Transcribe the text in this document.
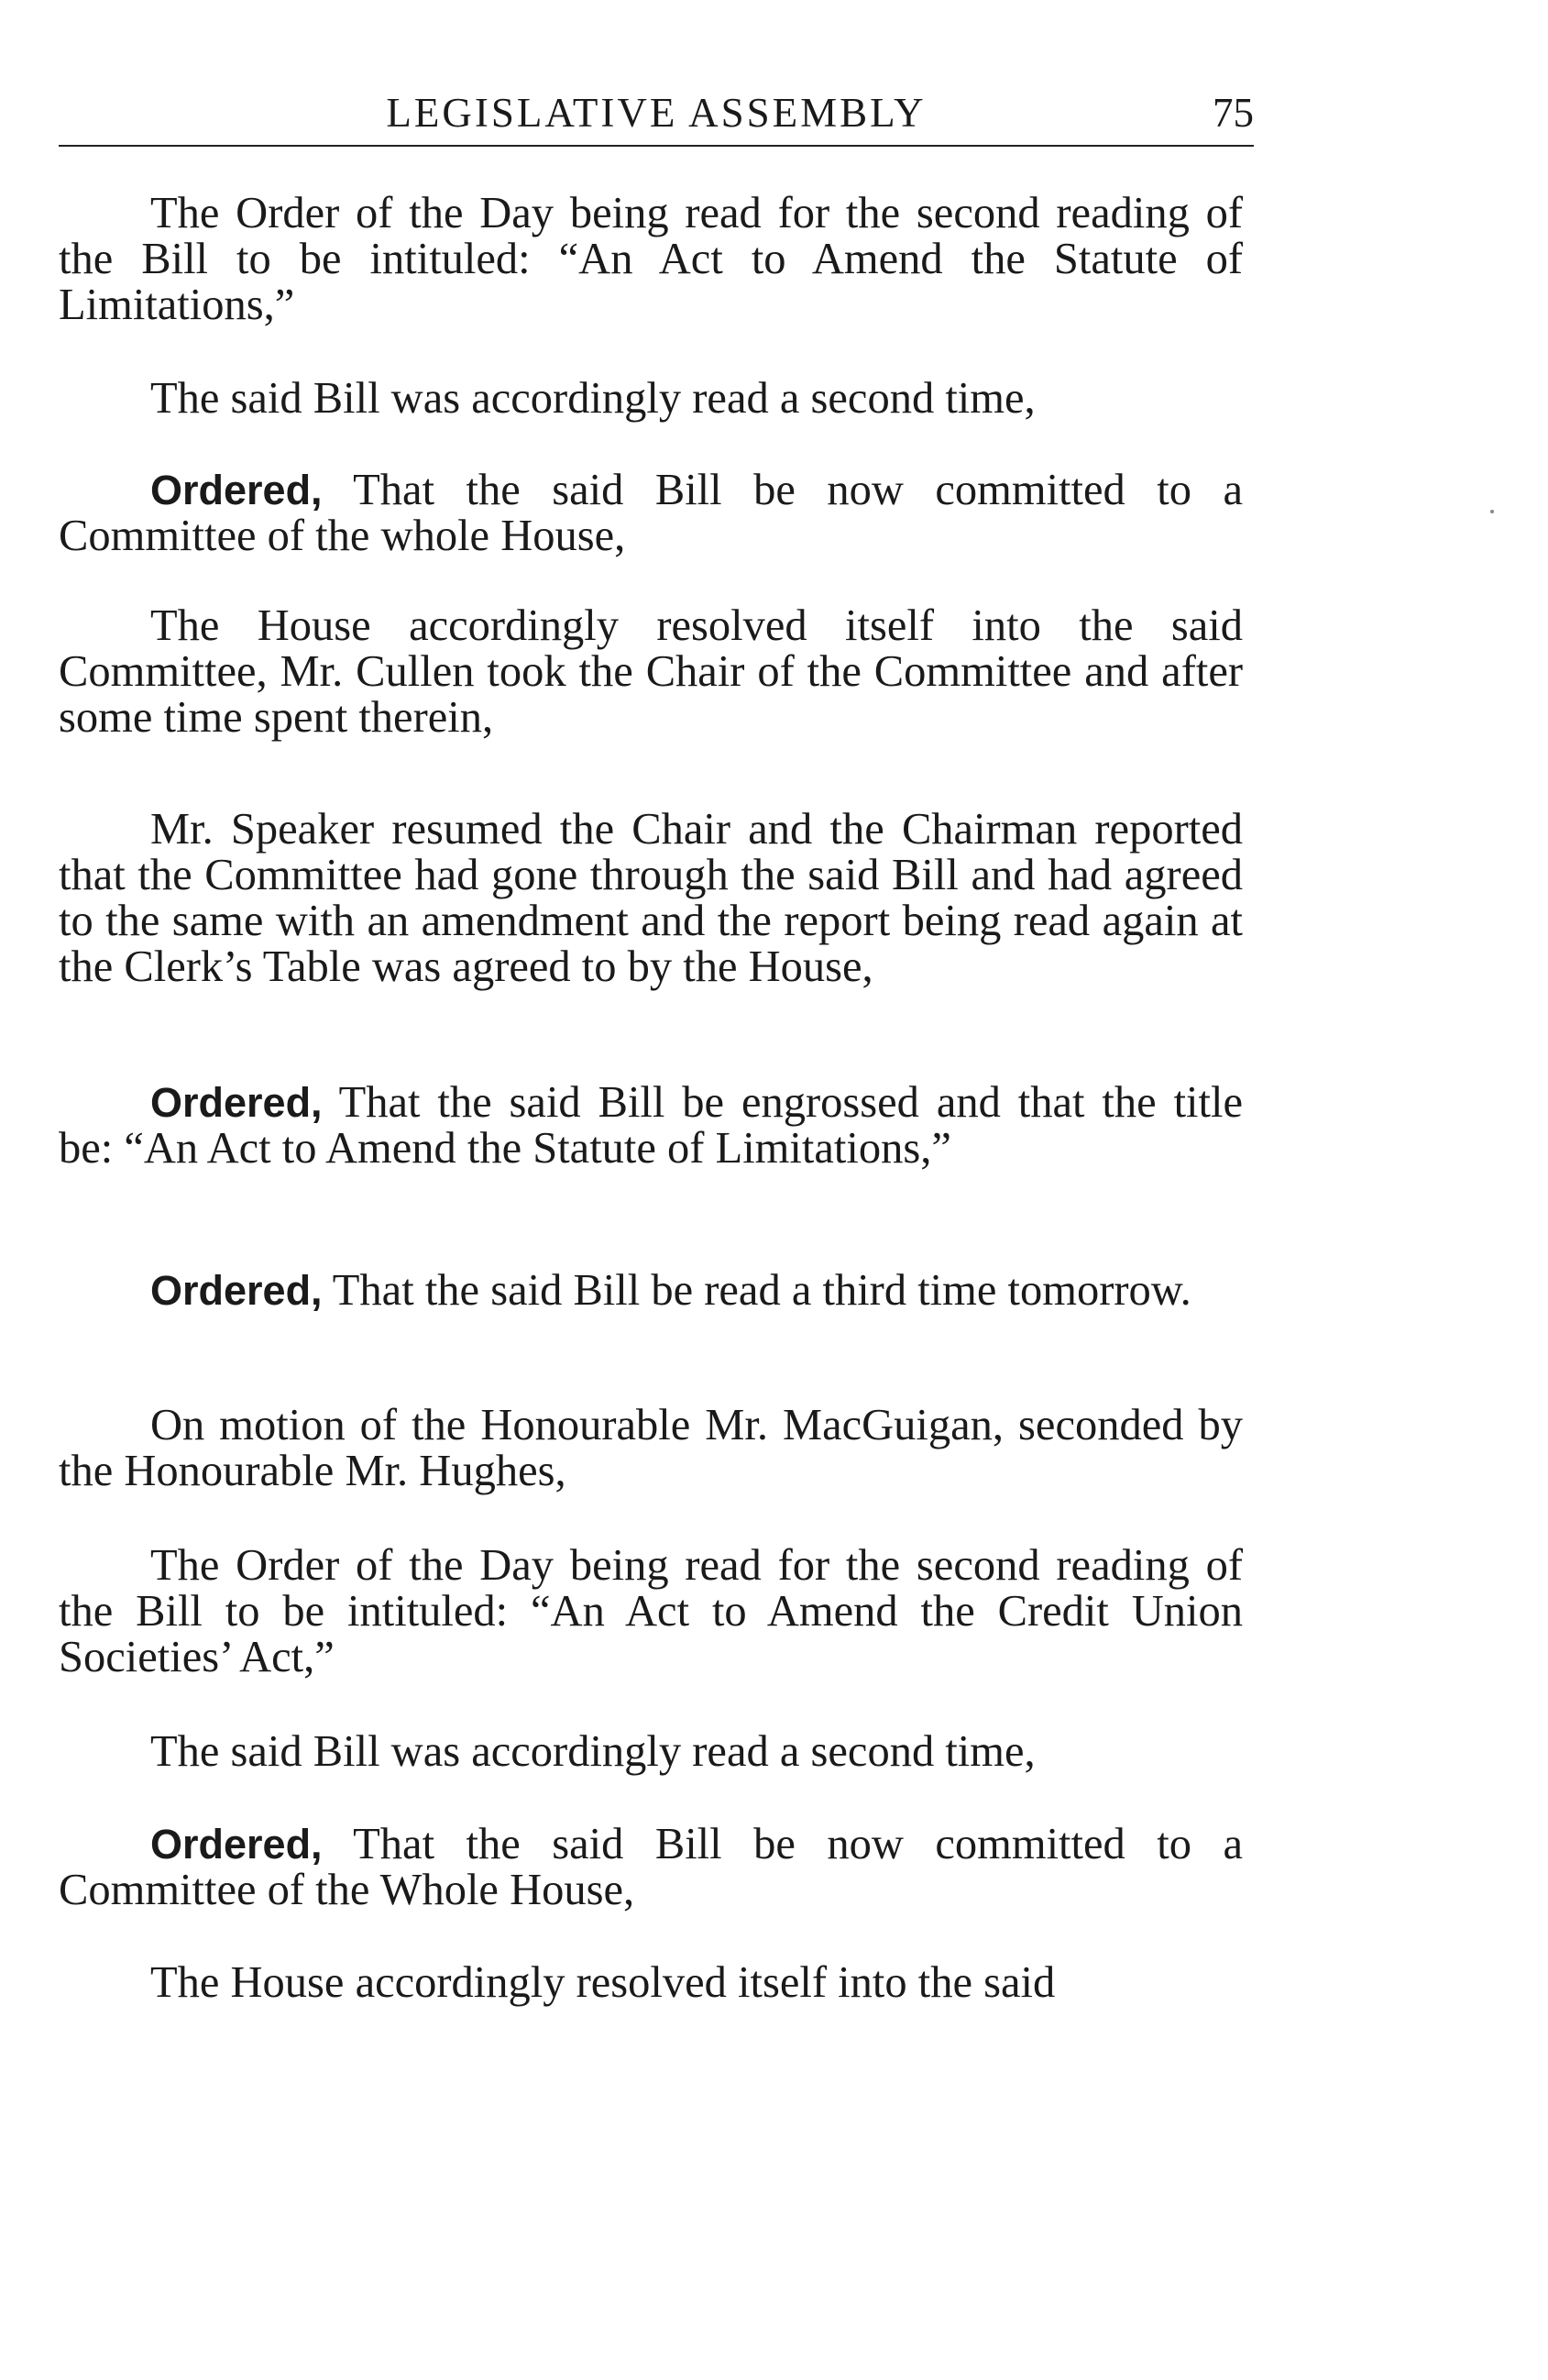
LEGISLATIVE ASSEMBLY	75

The Order of the Day being read for the second reading of the Bill to be intituled: “An Act to Amend the Statute of Limitations,”

The said Bill was accordingly read a second time,

Ordered, That the said Bill be now committed to a Committee of the whole House,

The House accordingly resolved itself into the said Committee, Mr. Cullen took the Chair of the Committee and after some time spent therein,

Mr. Speaker resumed the Chair and the Chairman reported that the Committee had gone through the said Bill and had agreed to the same with an amendment and the report being read again at the Clerk’s Table was agreed to by the House,

Ordered, That the said Bill be engrossed and that the title be: “An Act to Amend the Statute of Limitations,”

Ordered, That the said Bill be read a third time tomorrow.

On motion of the Honourable Mr. MacGuigan, seconded by the Honourable Mr. Hughes,

The Order of the Day being read for the second reading of the Bill to be intituled: “An Act to Amend the Credit Union Societies’ Act,”

The said Bill was accordingly read a second time,

Ordered, That the said Bill be now committed to a Committee of the Whole House,

The House accordingly resolved itself into the said
